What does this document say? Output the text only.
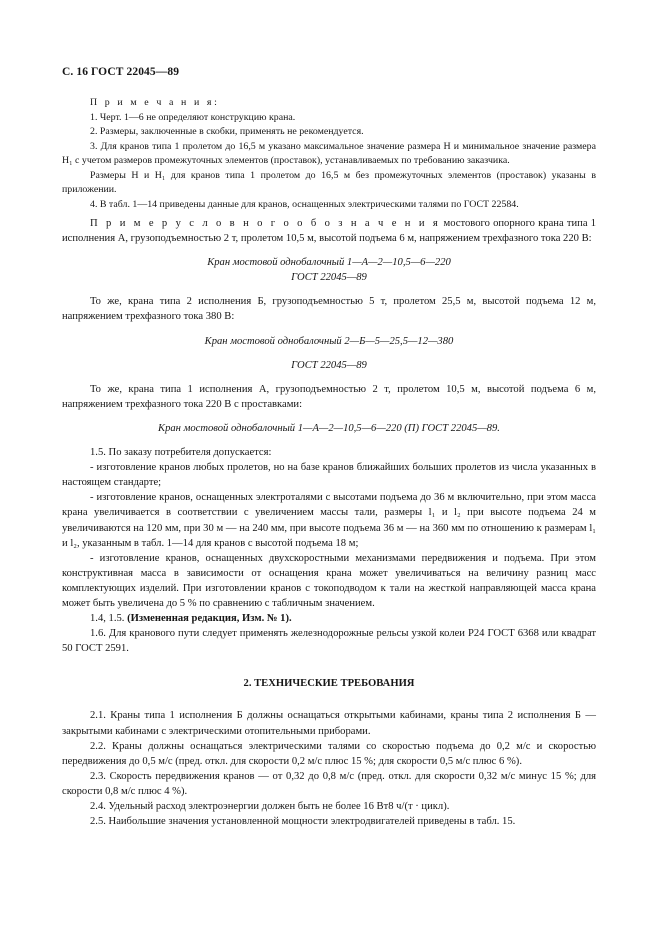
С. 16 ГОСТ 22045—89

П р и м е ч а н и я:

1. Черт. 1—6 не определяют конструкцию крана.

2. Размеры, заключенные в скобки, применять не рекомендуется.

3. Для кранов типа 1 пролетом до 16,5 м указано максимальное значение размера Н и минимальное значение размера Н₁ с учетом размеров промежуточных элементов (проставок), устанавливаемых по требованию заказчика.

Размеры Н и Н₁ для кранов типа 1 пролетом до 16,5 м без промежуточных элементов (проставок) указаны в приложении.

4. В табл. 1—14 приведены данные для кранов, оснащенных электрическими талями по ГОСТ 22584.

П р и м е р у с л о в н о г о о б о з н а ч е н и я мостового опорного крана типа 1 исполнения А, грузоподъемностью 2 т, пролетом 10,5 м, высотой подъема 6 м, напряжением трехфазного тока 220 В:

Кран мостовой однобалочный 1—А—2—10,5—6—220

ГОСТ 22045—89

То же, крана типа 2 исполнения Б, грузоподъемностью 5 т, пролетом 25,5 м, высотой подъема 12 м, напряжением трехфазного тока 380 В:

Кран мостовой однобалочный 2—Б—5—25,5—12—380

ГОСТ 22045—89

То же, крана типа 1 исполнения А, грузоподъемностью 2 т, пролетом 10,5 м, высотой подъема 6 м, напряжением трехфазного тока 220 В с проставками:

Кран мостовой однобалочный 1—А—2—10,5—6—220 (П) ГОСТ 22045—89.

1.5. По заказу потребителя допускается:

- изготовление кранов любых пролетов, но на базе кранов ближайших больших пролетов из числа указанных в настоящем стандарте;

- изготовление кранов, оснащенных электроталями с высотами подъема до 36 м включительно, при этом масса крана увеличивается в соответствии с увеличением массы тали, размеры l₁ и l₂ при высоте подъема 24 м увеличиваются на 120 мм, при 30 м — на 240 мм, при высоте подъема 36 м — на 360 мм по отношению к размерам l₁ и l₂, указанным в табл. 1—14 для кранов с высотой подъема 18 м;

- изготовление кранов, оснащенных двухскоростными механизмами передвижения и подъема. При этом конструктивная масса в зависимости от оснащения крана может увеличиваться на величину разниц масс комплектующих изделий. При изготовлении кранов с токоподводом к тали на жесткой направляющей масса крана может быть увеличена до 5 % по сравнению с табличным значением.

1.4, 1.5. (Измененная редакция, Изм. № 1).

1.6. Для кранового пути следует применять железнодорожные рельсы узкой колеи Р24 ГОСТ 6368 или квадрат 50 ГОСТ 2591.

2. ТЕХНИЧЕСКИЕ ТРЕБОВАНИЯ

2.1. Краны типа 1 исполнения Б должны оснащаться открытыми кабинами, краны типа 2 исполнения Б — закрытыми кабинами с электрическими отопительными приборами.

2.2. Краны должны оснащаться электрическими талями со скоростью подъема до 0,2 м/с и скоростью передвижения до 0,5 м/с (пред. откл. для скорости 0,2 м/с плюс 15 %; для скорости 0,5 м/с плюс 6 %).

2.3. Скорость передвижения кранов — от 0,32 до 0,8 м/с (пред. откл. для скорости 0,32 м/с минус 15 %; для скорости 0,8 м/с плюс 4 %).

2.4. Удельный расход электроэнергии должен быть не более 16 Вт8 ч/(т · цикл).

2.5. Наибольшие значения установленной мощности электродвигателей приведены в табл. 15.
